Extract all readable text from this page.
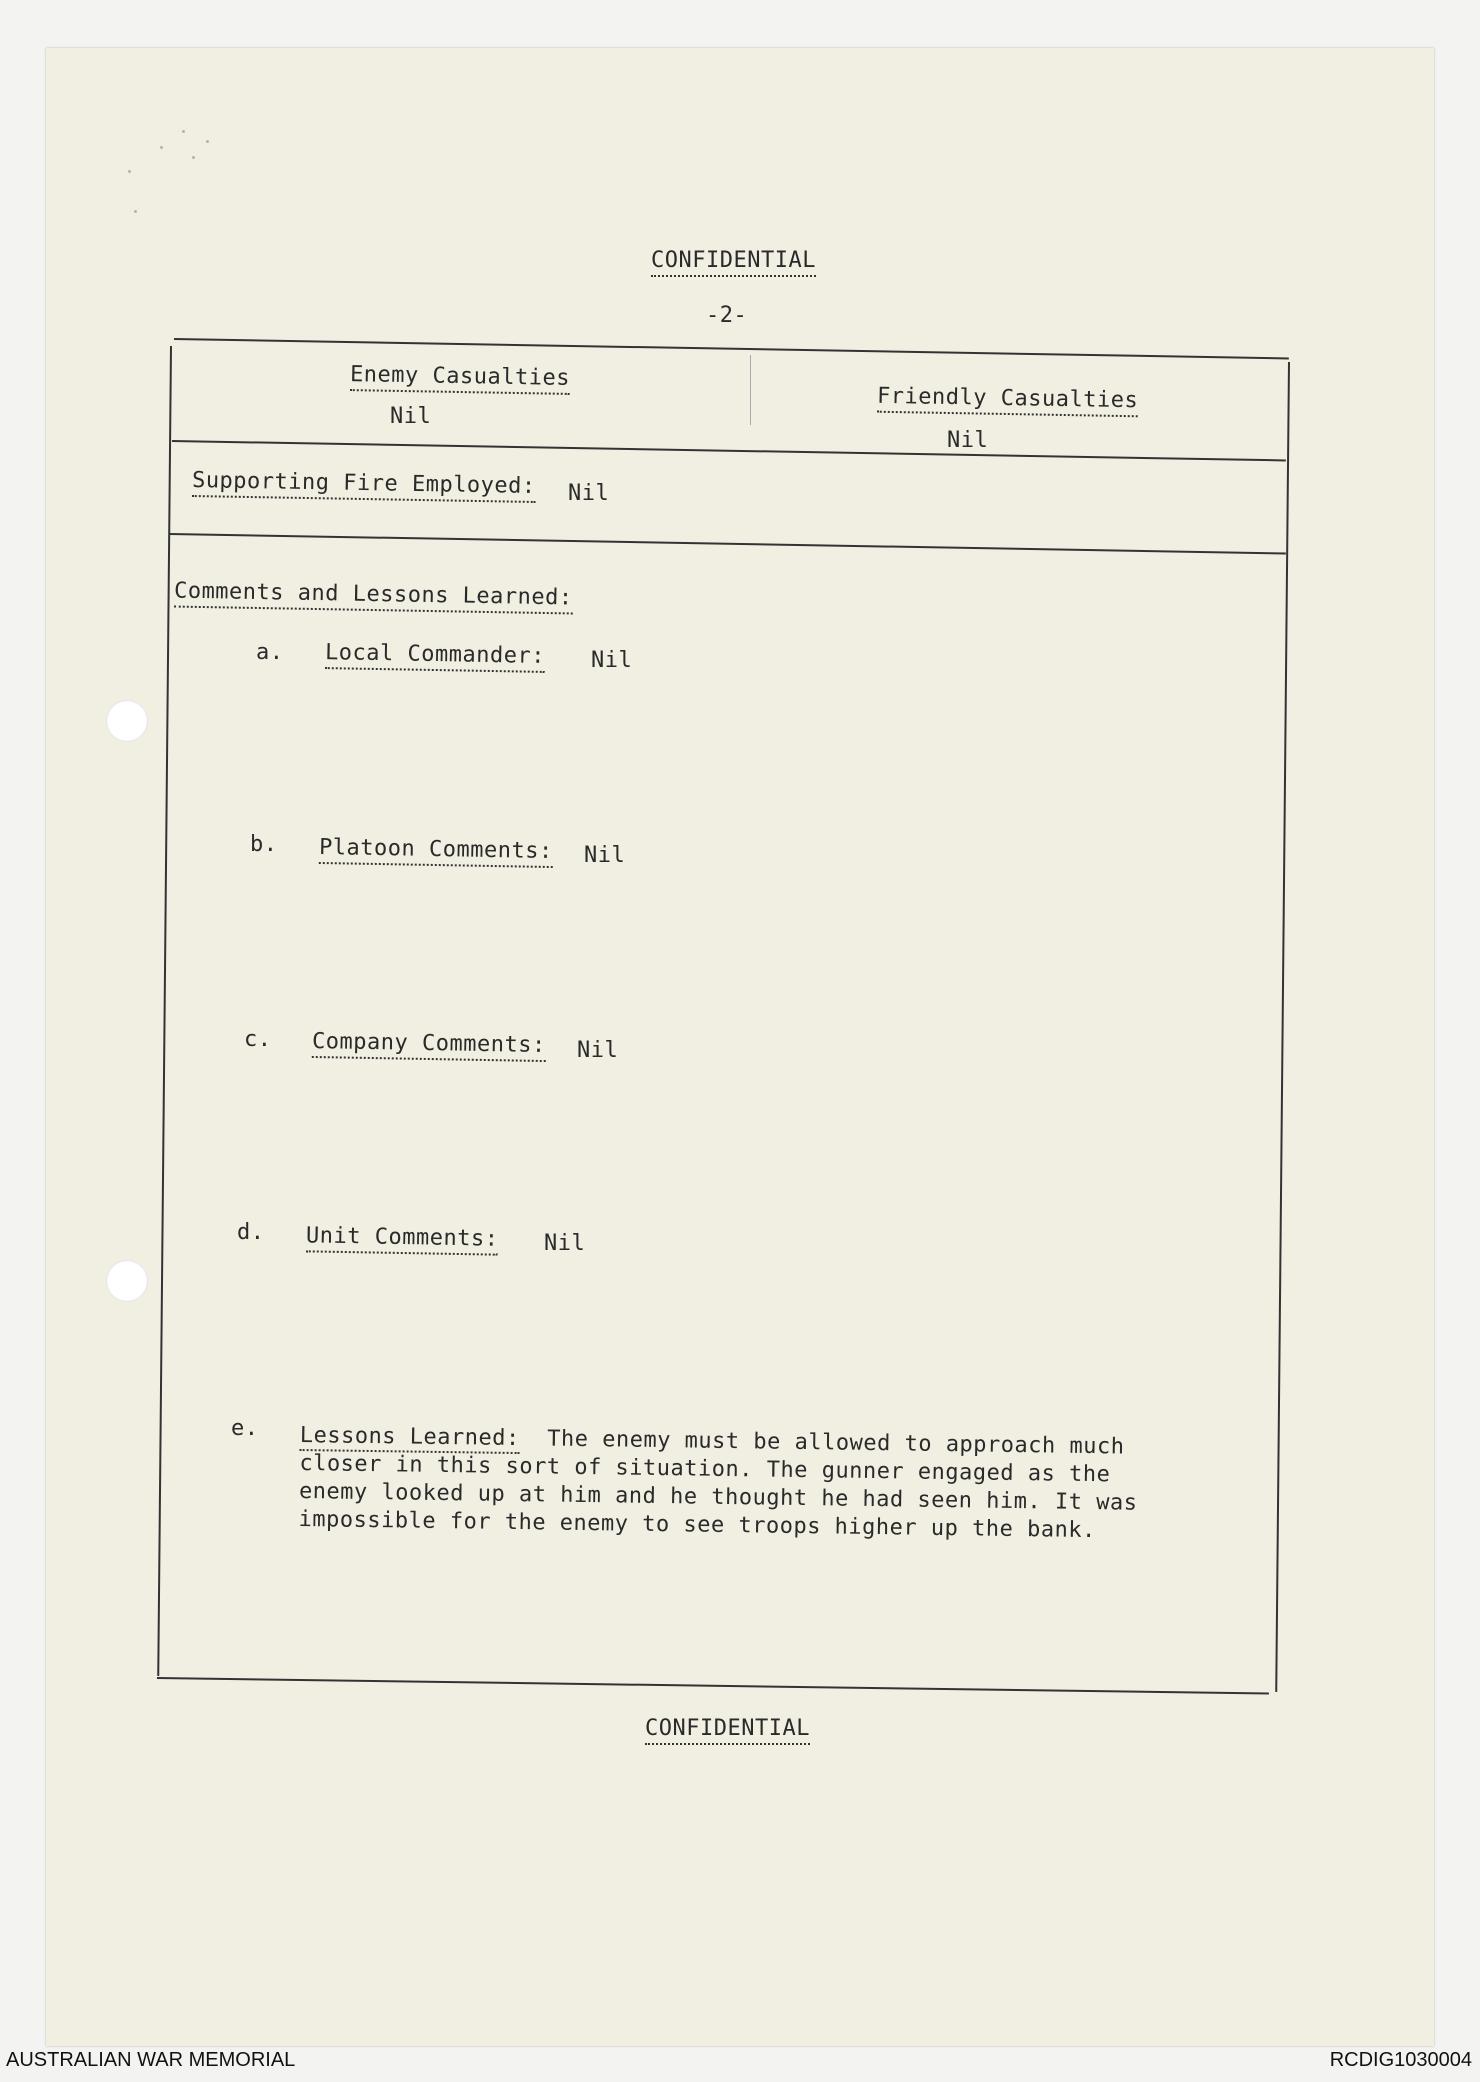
CONFIDENTIAL
-2-
Enemy Casualties
Nil
Friendly Casualties
Nil
Supporting Fire Employed: Nil
Comments and Lessons Learned:
a. Local Commander: Nil
b. Platoon Comments: Nil
c. Company Comments: Nil
d. Unit Comments: Nil
e. Lessons Learned: The enemy must be allowed to approach much closer in this sort of situation. The gunner engaged as the enemy looked up at him and he thought he had seen him. It was impossible for the enemy to see troops higher up the bank.
CONFIDENTIAL
AUSTRALIAN WAR MEMORIAL	RCDIG1030004
